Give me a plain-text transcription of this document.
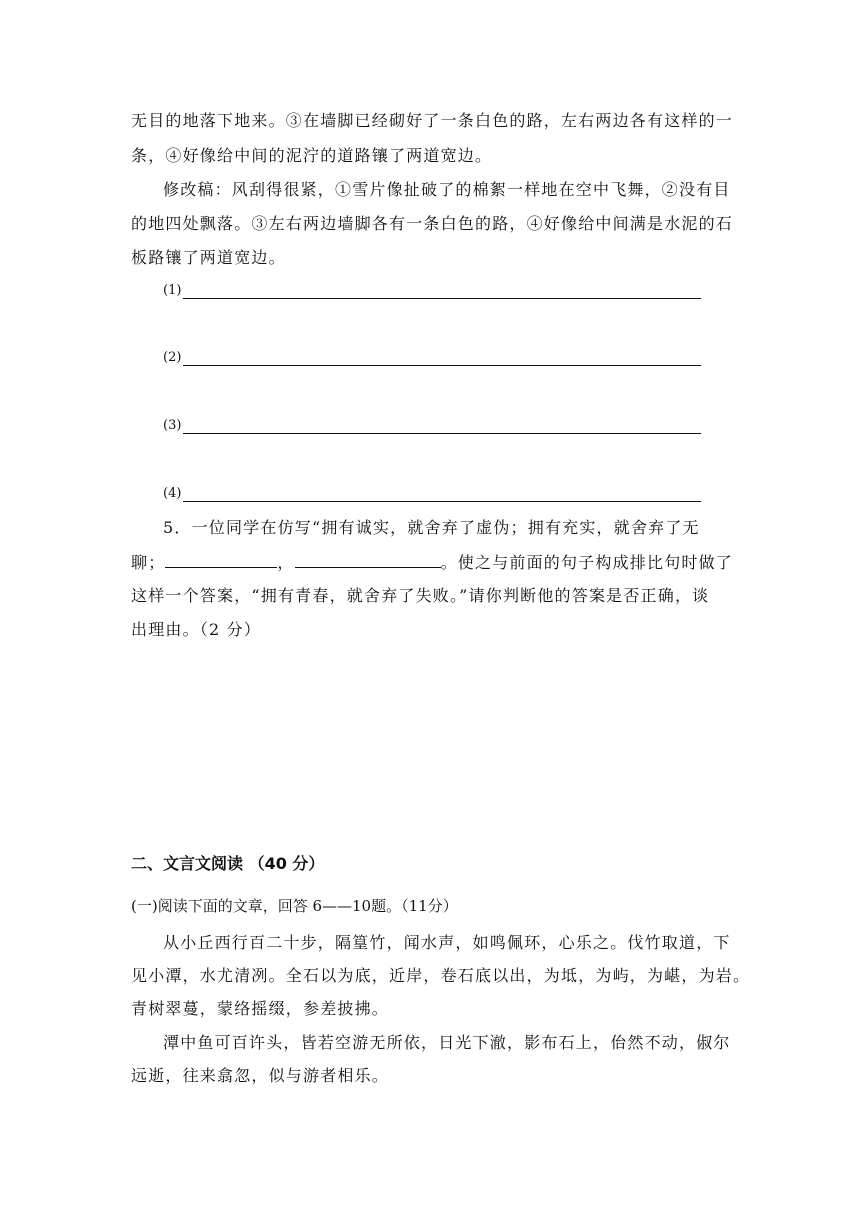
无目的地落下地来。③在墙脚已经砌好了一条白色的路，左右两边各有这样的一
条，④好像给中间的泥泞的道路镶了两道宽边。
修改稿：风刮得很紧，①雪片像扯破了的棉絮一样地在空中飞舞，②没有目
的地四处飘落。③左右两边墙脚各有一条白色的路，④好像给中间满是水泥的石
板路镶了两道宽边。
(1)
(2)
(3)
(4)
5．一位同学在仿写“拥有诚实，就舍弃了虚伪；拥有充实，就舍弃了无
聊；	，	。使之与前面的句子构成排比句时做了
这样一个答案，“拥有青春，就舍弃了失败。”请你判断他的答案是否正确，谈
出理由。（2 分）
二、文言文阅读 （40 分）
(一)阅读下面的文章，回答 6——10题。（11分）
从小丘西行百二十步，隔篁竹，闻水声，如鸣佩环，心乐之。伐竹取道，下
见小潭，水尤清冽。全石以为底，近岸，卷石底以出，为坻，为屿，为嵁，为岩。
青树翠蔓，蒙络摇缀，参差披拂。
潭中鱼可百许头，皆若空游无所依，日光下澈，影布石上，佁然不动，俶尔
远逝，往来翕忽，似与游者相乐。
